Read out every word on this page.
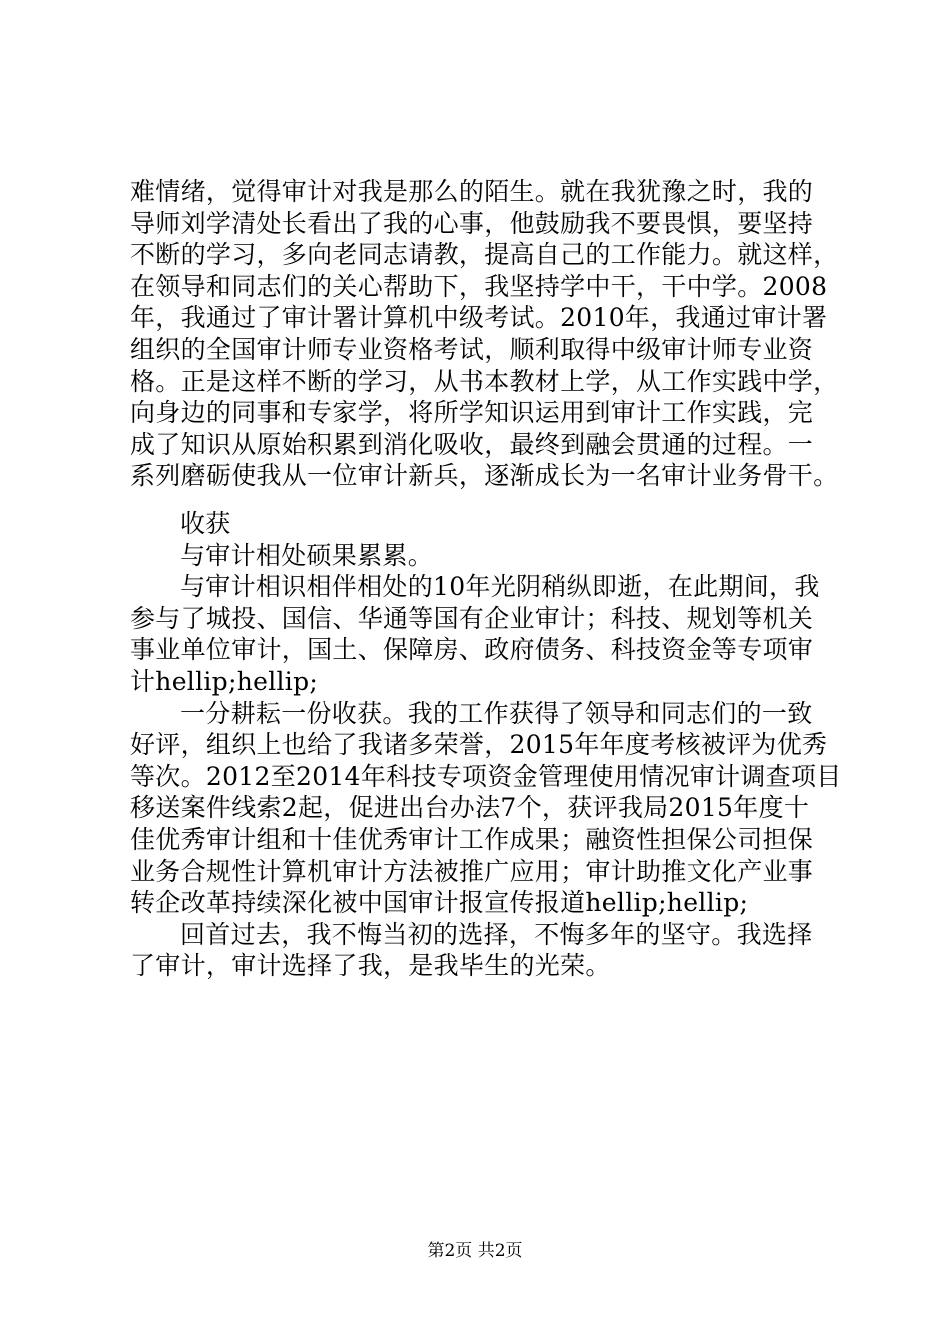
难情绪，觉得审计对我是那么的陌生。就在我犹豫之时，我的
导师刘学清处长看出了我的心事，他鼓励我不要畏惧，要坚持
不断的学习，多向老同志请教，提高自己的工作能力。就这样，
在领导和同志们的关心帮助下，我坚持学中干，干中学。2008
年，我通过了审计署计算机中级考试。2010年，我通过审计署
组织的全国审计师专业资格考试，顺利取得中级审计师专业资
格。正是这样不断的学习，从书本教材上学，从工作实践中学，
向身边的同事和专家学，将所学知识运用到审计工作实践，完
成了知识从原始积累到消化吸收，最终到融会贯通的过程。一
系列磨砺使我从一位审计新兵，逐渐成长为一名审计业务骨干。
收获
与审计相处硕果累累。
与审计相识相伴相处的10年光阴稍纵即逝，在此期间，我
参与了城投、国信、华通等国有企业审计；科技、规划等机关
事业单位审计，国土、保障房、政府债务、科技资金等专项审
计hellip;hellip;
一分耕耘一份收获。我的工作获得了领导和同志们的一致
好评，组织上也给了我诸多荣誉，2015年年度考核被评为优秀
等次。2012至2014年科技专项资金管理使用情况审计调查项目
移送案件线索2起，促进出台办法7个，获评我局2015年度十
佳优秀审计组和十佳优秀审计工作成果；融资性担保公司担保
业务合规性计算机审计方法被推广应用；审计助推文化产业事
转企改革持续深化被中国审计报宣传报道hellip;hellip;
回首过去，我不悔当初的选择，不悔多年的坚守。我选择
了审计，审计选择了我，是我毕生的光荣。
第2页 共2页
